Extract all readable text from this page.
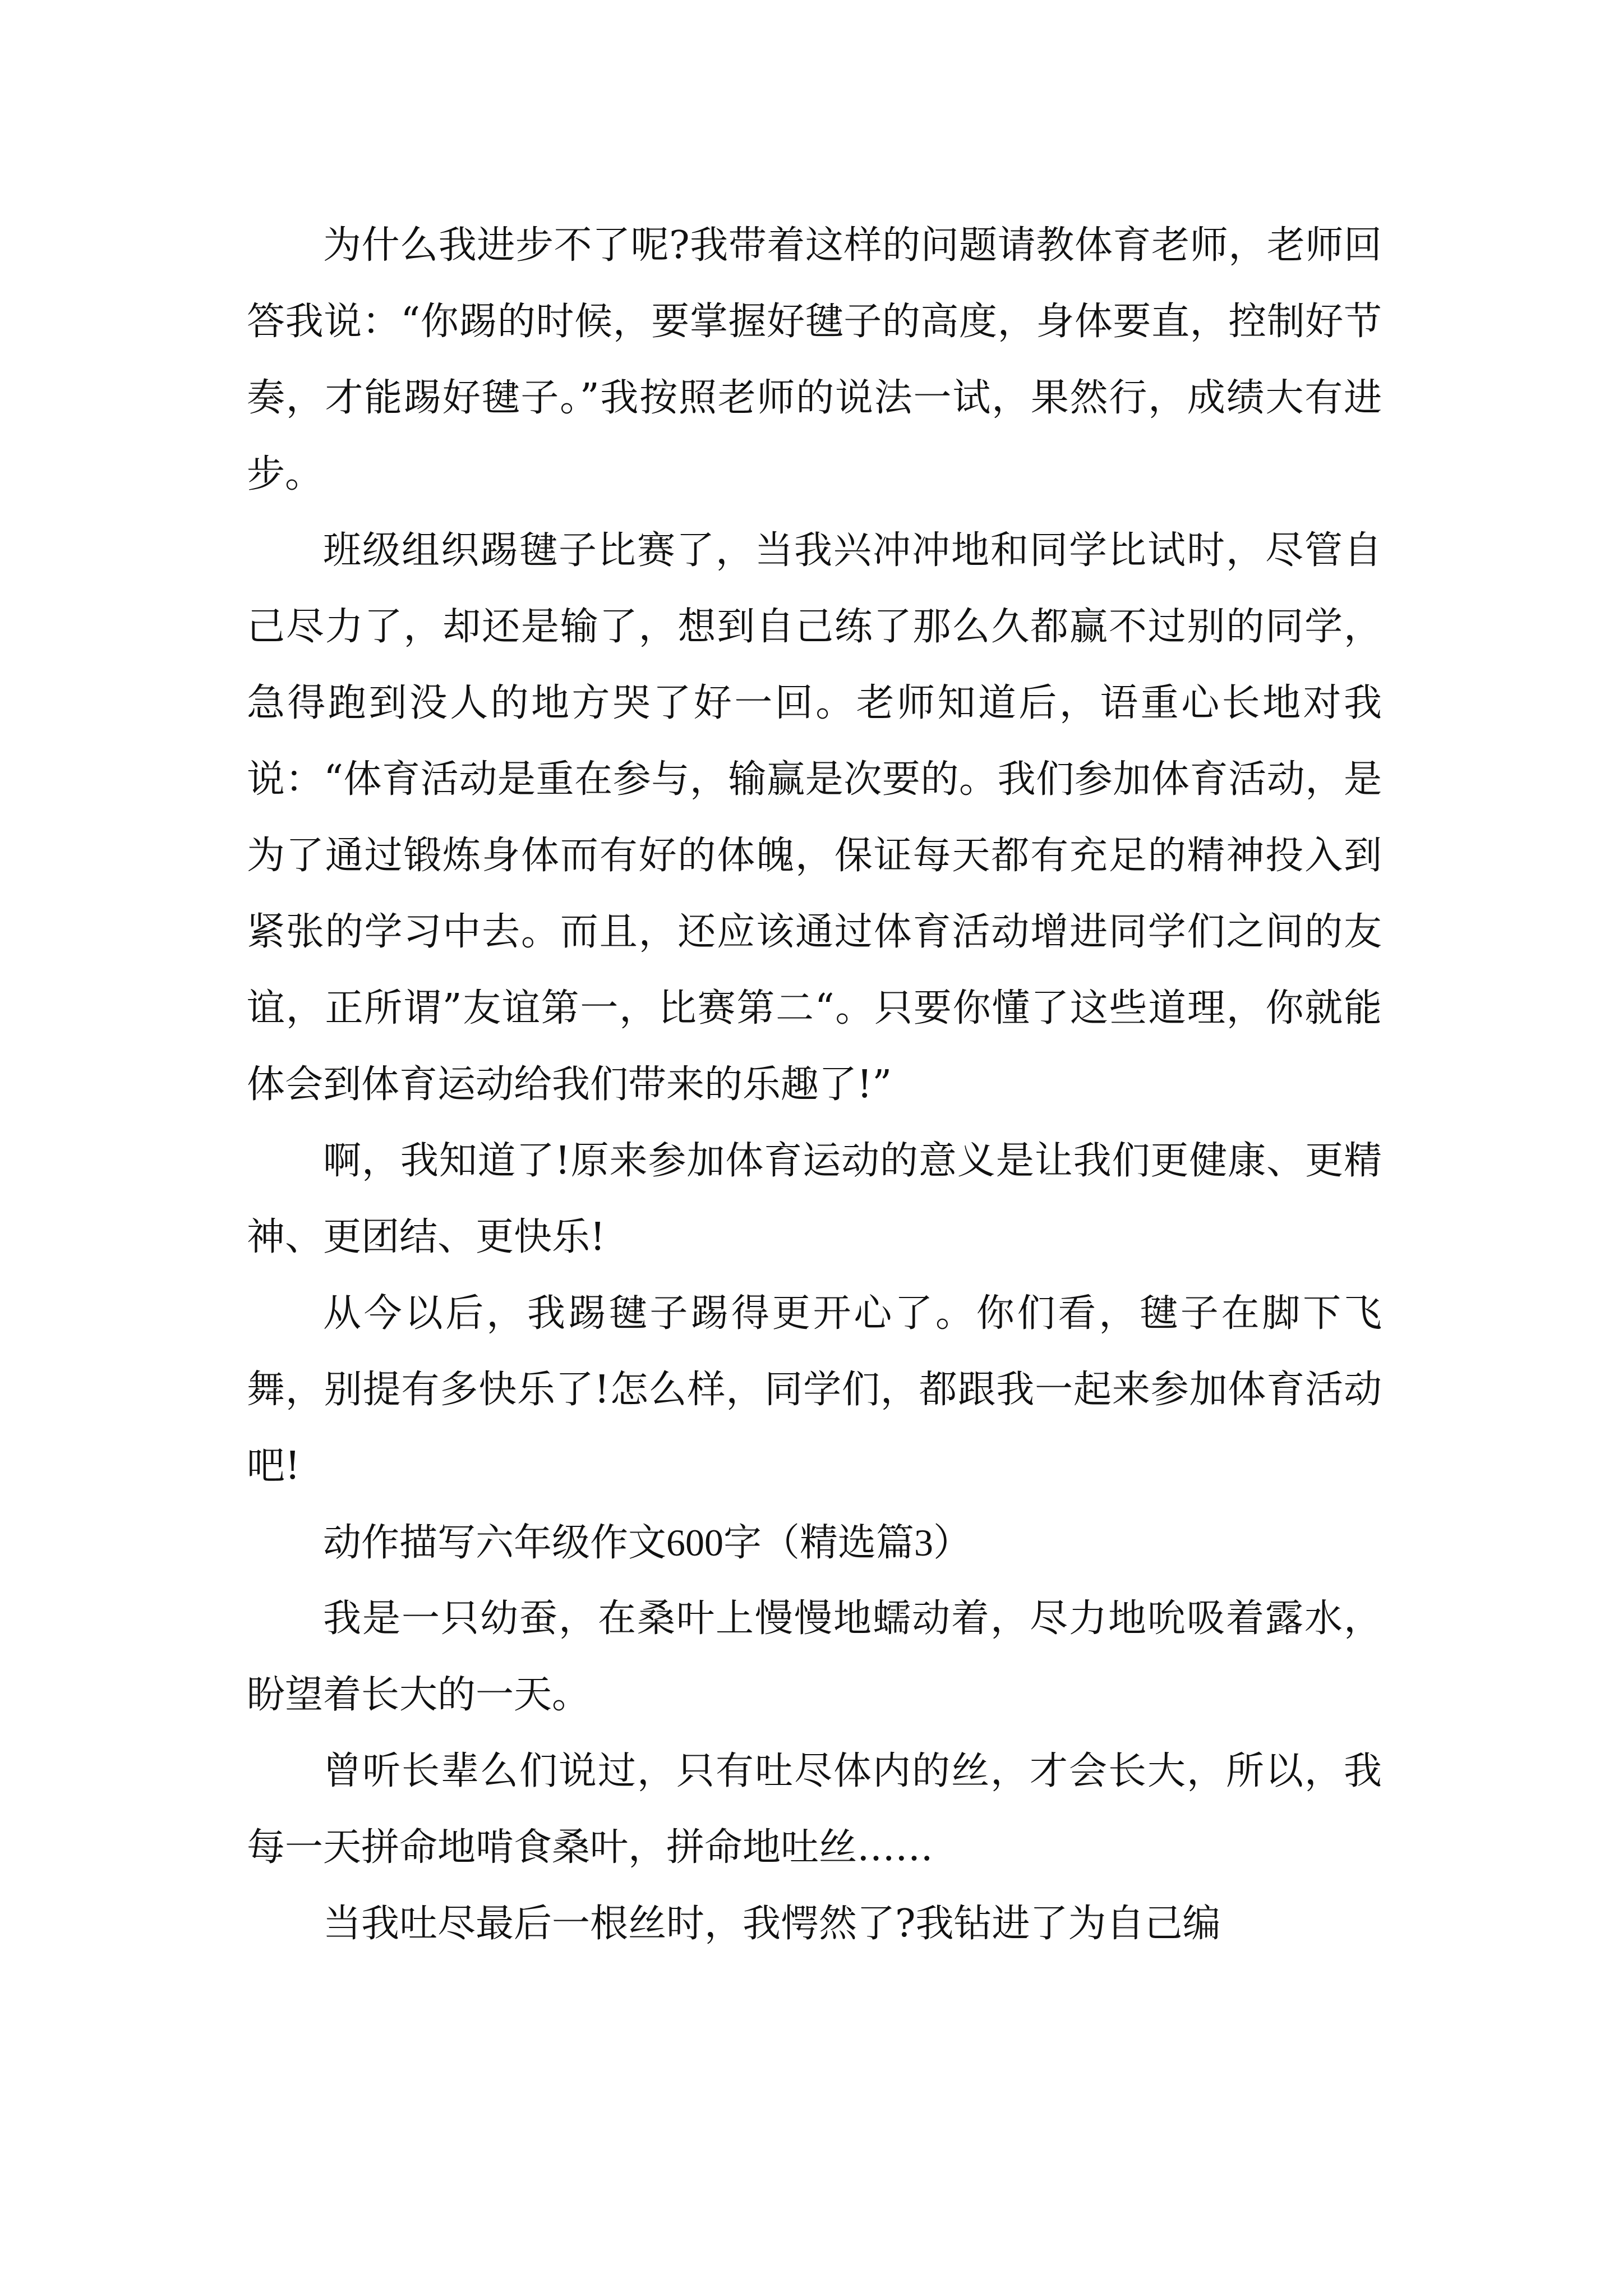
为什么我进步不了呢?我带着这样的问题请教体育老师，老师回答我说：“你踢的时候，要掌握好毽子的高度，身体要直，控制好节奏，才能踢好毽子。”我按照老师的说法一试，果然行，成绩大有进步。

班级组织踢毽子比赛了，当我兴冲冲地和同学比试时，尽管自己尽力了，却还是输了，想到自己练了那么久都赢不过别的同学，急得跑到没人的地方哭了好一回。老师知道后，语重心长地对我说：“体育活动是重在参与，输赢是次要的。我们参加体育活动，是为了通过锻炼身体而有好的体魄，保证每天都有充足的精神投入到紧张的学习中去。而且，还应该通过体育活动增进同学们之间的友谊，正所谓”友谊第一，比赛第二“。只要你懂了这些道理，你就能体会到体育运动给我们带来的乐趣了!”

啊，我知道了!原来参加体育运动的意义是让我们更健康、更精神、更团结、更快乐!

从今以后，我踢毽子踢得更开心了。你们看，毽子在脚下飞舞，别提有多快乐了!怎么样，同学们，都跟我一起来参加体育活动吧!

动作描写六年级作文600字（精选篇3）

我是一只幼蚕，在桑叶上慢慢地蠕动着，尽力地吮吸着露水，盼望着长大的一天。

曾听长辈么们说过，只有吐尽体内的丝，才会长大，所以，我每一天拼命地啃食桑叶，拼命地吐丝……

当我吐尽最后一根丝时，我愕然了?我钻进了为自己编
